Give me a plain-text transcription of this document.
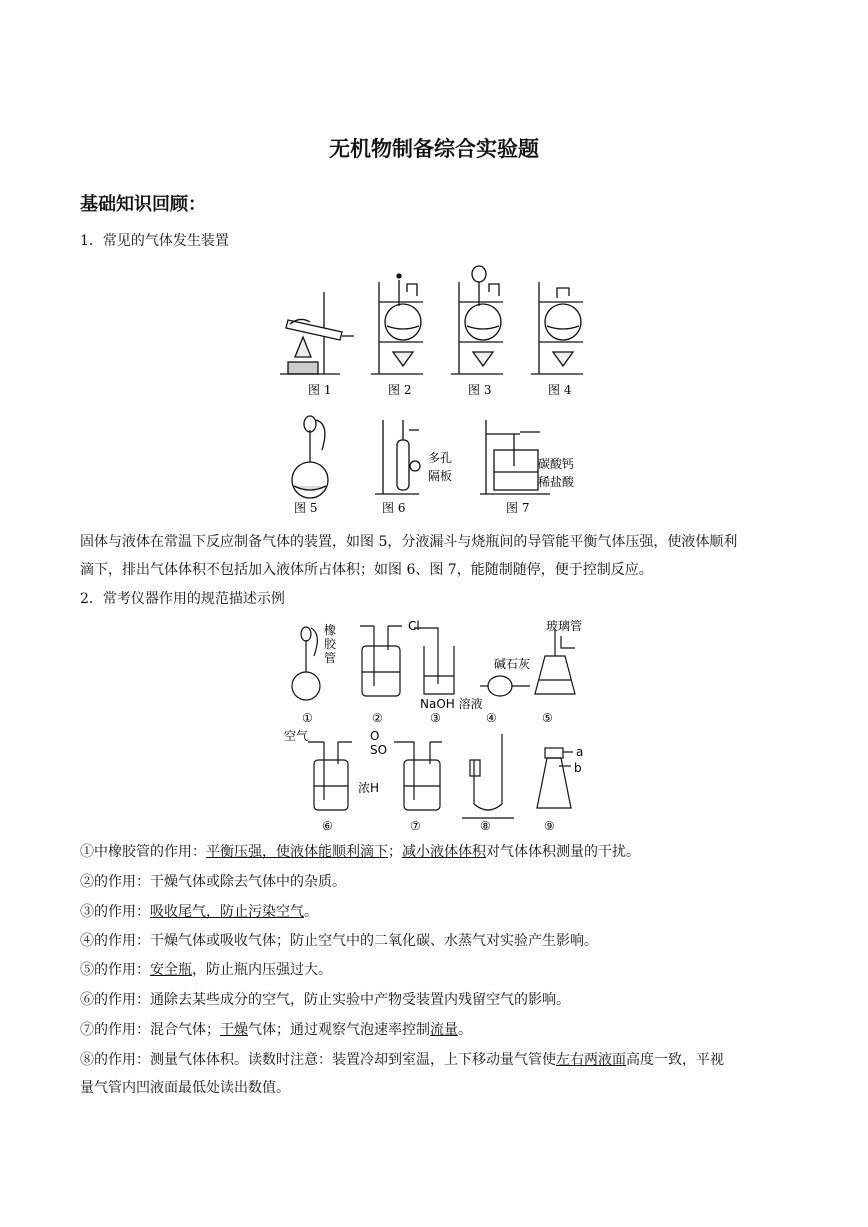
无机物制备综合实验题
基础知识回顾：
1．常见的气体发生装置
图 1	图 2	图 3	图 4
图 5	图 6	图 7
多孔
隔板
碳酸钙
稀盐酸
固体与液体在常温下反应制备气体的装置，如图 5，分液漏斗与烧瓶间的导管能平衡气体压强，使液体顺利
滴下，排出气体体积不包括加入液体所占体积；如图 6、图 7，能随制随停，便于控制反应。
2．常考仪器作用的规范描述示例
橡
胶
管
Cl
NaOH 溶液
碱石灰
玻璃管
①	②	③	④	⑤
空气	O
SO
浓H
a
b
⑥	⑦	⑧	⑨
①中橡胶管的作用：平衡压强，使液体能顺利滴下；减小液体体积对气体体积测量的干扰。
②的作用：干燥气体或除去气体中的杂质。
③的作用：吸收尾气，防止污染空气。
④的作用：干燥气体或吸收气体；防止空气中的二氧化碳、水蒸气对实验产生影响。
⑤的作用：安全瓶，防止瓶内压强过大。
⑥的作用：通除去某些成分的空气，防止实验中产物受装置内残留空气的影响。
⑦的作用：混合气体；干燥气体；通过观察气泡速率控制流量。
⑧的作用：测量气体体积。读数时注意：装置冷却到室温，上下移动量气管使左右两液面高度一致，平视
量气管内凹液面最低处读出数值。
